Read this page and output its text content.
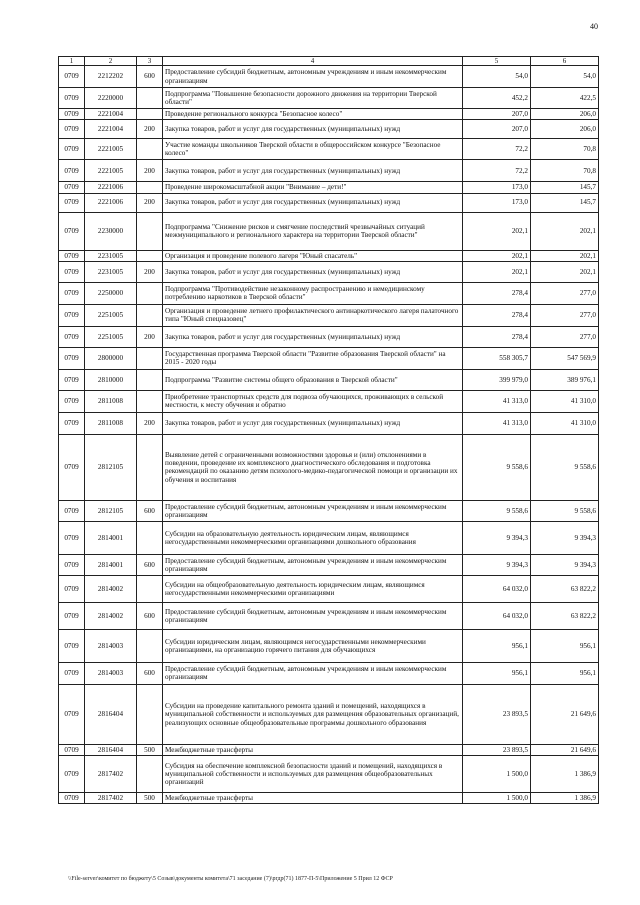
40
1	2	3	4	5	6
0709	2212202	600	Предоставление субсидий бюджетным, автономным учреждениям и иным некоммерческим организациям	54,0	54,0
0709	2220000		Подпрограмма "Повышение безопасности дорожного движения на территории Тверской области"	452,2	422,5
0709	2221004		Проведение регионального конкурса "Безопасное колесо"	207,0	206,0
0709	2221004	200	Закупка товаров, работ и услуг для государственных (муниципальных) нужд	207,0	206,0
0709	2221005		Участие команды школьников Тверской области в общероссийском конкурсе "Безопасное колесо"	72,2	70,8
0709	2221005	200	Закупка товаров, работ и услуг для государственных (муниципальных) нужд	72,2	70,8
0709	2221006		Проведение широкомасштабной акции "Внимание – дети!"	173,0	145,7
0709	2221006	200	Закупка товаров, работ и услуг для государственных (муниципальных) нужд	173,0	145,7
0709	2230000		Подпрограмма "Снижение рисков и смягчение последствий чрезвычайных ситуаций межмуниципального и регионального характера на территории Тверской области"	202,1	202,1
0709	2231005		Организация и проведение полевого лагеря "Юный спасатель"	202,1	202,1
0709	2231005	200	Закупка товаров, работ и услуг для государственных (муниципальных) нужд	202,1	202,1
0709	2250000		Подпрограмма "Противодействие незаконному распространению и немедицинскому потреблению наркотиков в Тверской области"	278,4	277,0
0709	2251005		Организация и проведение летнего профилактического антинаркотического лагеря палаточного типа "Юный спецназовец"	278,4	277,0
0709	2251005	200	Закупка товаров, работ и услуг для государственных (муниципальных) нужд	278,4	277,0
0709	2800000		Государственная программа Тверской области "Развитие образования Тверской области" на 2015 - 2020 годы	558 305,7	547 569,9
0709	2810000		Подпрограмма "Развитие системы общего образования в Тверской области"	399 979,0	389 976,1
0709	2811008		Приобретение транспортных средств для подвоза обучающихся, проживающих в сельской местности, к месту обучения и обратно	41 313,0	41 310,0
0709	2811008	200	Закупка товаров, работ и услуг для государственных (муниципальных) нужд	41 313,0	41 310,0
0709	2812105		Выявление детей с ограниченными возможностями здоровья и (или) отклонениями в поведении, проведение их комплексного диагностического обследования и подготовка рекомендаций по оказанию детям психолого-медико-педагогической помощи и организации их обучения и воспитания	9 558,6	9 558,6
0709	2812105	600	Предоставление субсидий бюджетным, автономным учреждениям и иным некоммерческим организациям	9 558,6	9 558,6
0709	2814001		Субсидии на образовательную деятельность юридическим лицам, являющимся негосударственными некоммерческими организациями дошкольного образования	9 394,3	9 394,3
0709	2814001	600	Предоставление субсидий бюджетным, автономным учреждениям и иным некоммерческим организациям	9 394,3	9 394,3
0709	2814002		Субсидии на общеобразовательную деятельность юридическим лицам, являющимся негосударственными некоммерческими организациями	64 032,0	63 822,2
0709	2814002	600	Предоставление субсидий бюджетным, автономным учреждениям и иным некоммерческим организациям	64 032,0	63 822,2
0709	2814003		Субсидии юридическим лицам, являющимся негосударственными некоммерческими организациями, на организацию горячего питания для обучающихся	956,1	956,1
0709	2814003	600	Предоставление субсидий бюджетным, автономным учреждениям и иным некоммерческим организациям	956,1	956,1
0709	2816404		Субсидии на проведение капитального ремонта зданий и помещений, находящихся в муниципальной собственности и используемых для размещения образовательных организаций, реализующих основные общеобразовательные программы дошкольного образования	23 893,5	21 649,6
0709	2816404	500	Межбюджетные трансферты	23 893,5	21 649,6
0709	2817402		Субсидия на обеспечение комплексной безопасности зданий и помещений, находящихся в муниципальной собственности и используемых для размещения общеобразовательных организаций	1 500,0	1 386,9
0709	2817402	500	Межбюджетные трансферты	1 500,0	1 386,9
\\File-server\комитет по бюджету\5 Созыв\документы комитета\71 заседание (7)\prдр(71) 1877-П-5\Приложение 5 Прил 12 ФСР
